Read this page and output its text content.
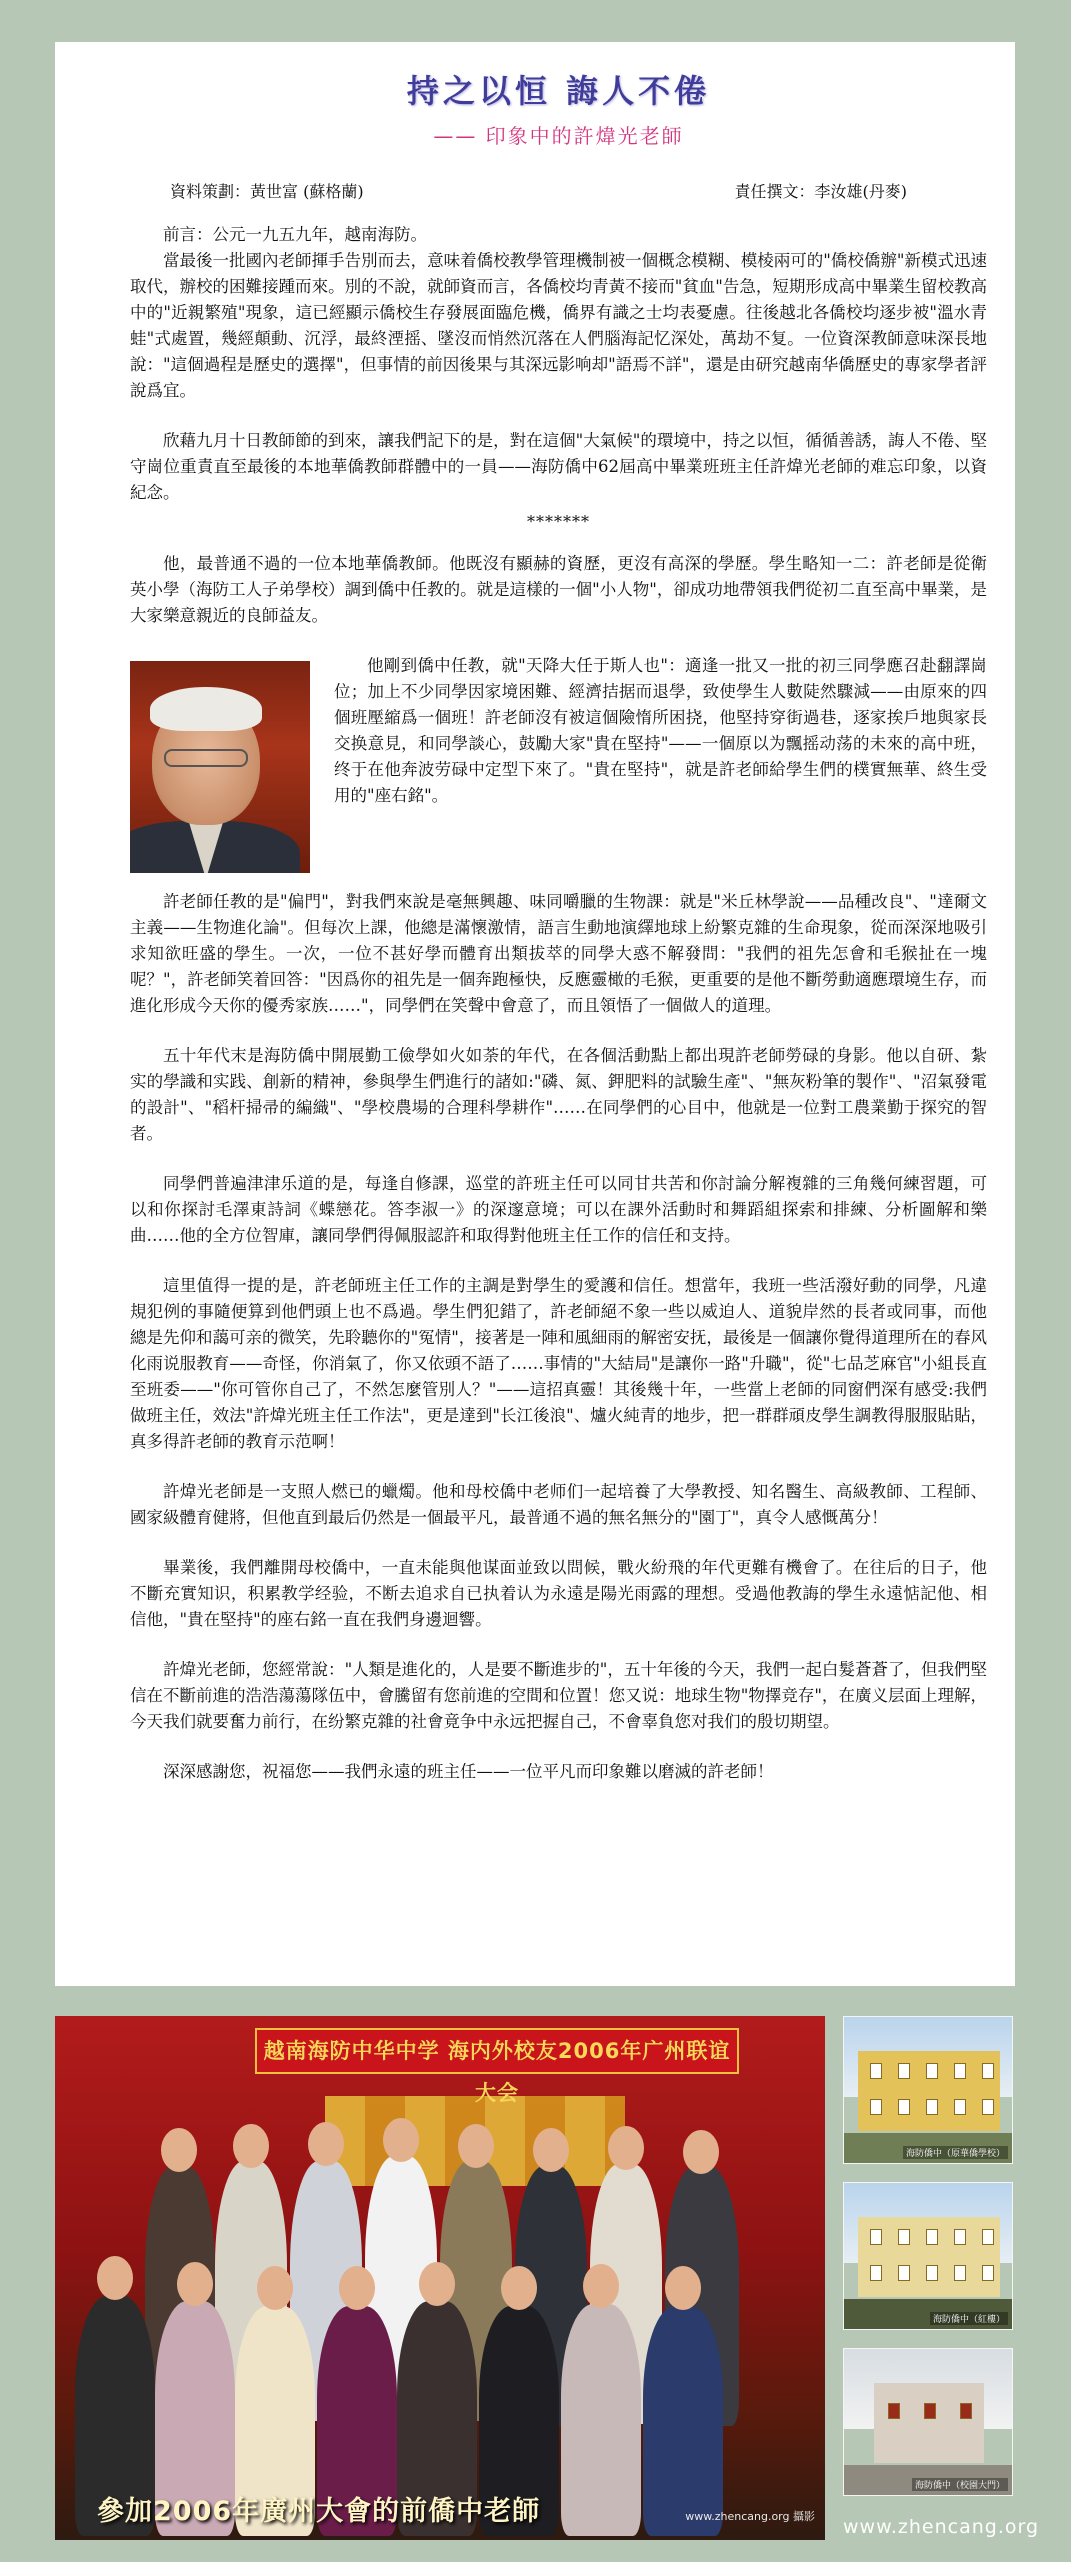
持之以恒 誨人不倦
—— 印象中的許煒光老師
資料策劃：黃世富 (蘇格蘭)	責任撰文：李汝雄(丹麥)

前言：公元一九五九年，越南海防。

當最後一批國內老師揮手告別而去，意味着僑校教學管理機制被一個概念模糊、模棱兩可的"僑校僑辦"新模式迅速取代，辦校的困難接踵而來。別的不說，就師資而言，各僑校均青黃不接而"貧血"告急，短期形成高中畢業生留校教高中的"近親繁殖"現象，這已經顯示僑校生存發展面臨危機，僑界有識之士均表憂慮。往後越北各僑校均逐步被"溫水青蛙"式處置，幾經顛動、沉浮，最終湮摇、墜沒而悄然沉落在人們腦海記忆深处，萬劫不复。一位資深教師意味深長地說："這個過程是歷史的選擇"，但事情的前因後果与其深远影响却"語焉不詳"，還是由研究越南华僑歷史的專家學者評說爲宜。

欣藉九月十日教師節的到來，讓我們記下的是，對在這個"大氣候"的環境中，持之以恒，循循善誘，誨人不倦、堅守崗位重責直至最後的本地華僑教師群體中的一員——海防僑中62屆高中畢業班班主任許煒光老師的难忘印象，以資紀念。

*******

他，最普通不過的一位本地華僑教師。他既沒有顯赫的資歷，更沒有高深的學歷。學生略知一二：許老師是從衛英小學（海防工人子弟學校）調到僑中任教的。就是這樣的一個"小人物"，卻成功地帶領我們從初二直至高中畢業，是大家樂意親近的良師益友。

他剛到僑中任教，就"天降大任于斯人也"：適逢一批又一批的初三同學應召赴翻譯崗位；加上不少同學因家境困難、經濟拮据而退學，致使學生人數陡然驟減——由原來的四個班壓縮爲一個班！許老師沒有被這個險惰所困挠，他堅持穿街過巷，逐家挨戶地與家長交换意見，和同學談心，鼓勵大家"貴在堅持"——一個原以为飄摇动荡的未來的高中班，终于在他奔波劳碌中定型下來了。"貴在堅持"，就是許老師給學生們的樸實無華、終生受用的"座右銘"。

許老師任教的是"偏門"，對我們來說是毫無興趣、味同嚼臘的生物課：就是"米丘林學說——品種改良"、"達爾文主義——生物進化論"。但每次上課，他總是滿懷激情，語言生動地演繹地球上紛繁克雜的生命現象，從而深深地吸引求知欲旺盛的學生。一次，一位不甚好學而體育出類拔萃的同學大惑不解發問："我們的祖先怎會和毛猴扯在一塊呢？"，許老師笑着回答："因爲你的祖先是一個奔跑極快，反應靈橄的毛猴，更重要的是他不斷勞動適應環境生存，而進化形成今天你的優秀家族……"，同學們在笑聲中會意了，而且領悟了一個做人的道理。

五十年代末是海防僑中開展勤工儉學如火如荼的年代，在各個活動點上都出現許老師勞碌的身影。他以自研、紮实的學識和实践、創新的精神，參與學生們進行的諸如:"磷、氮、鉀肥料的試驗生產"、"無灰粉筆的製作"、"沼氣發電的設計"、"稻杆掃帚的編織"、"學校農場的合理科學耕作"……在同學們的心目中，他就是一位對工農業勤于探究的智者。

同學們普遍津津乐道的是，每逢自修課，巡堂的許班主任可以同甘共苦和你討論分解複雜的三角幾何練習題，可以和你探討毛澤東詩詞《蝶戀花。答李淑一》的深邃意境；可以在課外活動时和舞蹈組探索和排練、分析圖解和樂曲……他的全方位智庫，讓同學們得佩服認許和取得對他班主任工作的信任和支持。

這里值得一提的是，許老師班主任工作的主調是對學生的愛護和信任。想當年，我班一些活潑好動的同學，凡違規犯例的事隨便算到他們頭上也不爲過。學生們犯錯了，許老師絕不象一些以威迫人、道貌岸然的長者或同事，而他總是先仰和藹可亲的微笑，先聆聽你的"冤情"，接著是一陣和風細雨的解密安抚，最後是一個讓你覺得道理所在的春风化雨说服教育——奇怪，你消氣了，你又依頭不語了……事情的"大結局"是讓你一路"升職"，從"七品芝麻官"小組長直至班委——"你可管你自己了，不然怎麼管別人？"——這招真靈！其後幾十年，一些當上老師的同窗們深有感受:我們做班主任，效法"許煒光班主任工作法"，更是達到"长江後浪"、爐火純青的地步，把一群群頑皮學生調教得服服貼貼，真多得許老師的教育示范啊！

許煒光老師是一支照人燃已的蠟燭。他和母校僑中老师们一起培養了大學教授、知名醫生、高級教師、工程師、國家級體育健將，但他直到最后仍然是一個最平凡，最普通不過的無名無分的"園丁"，真令人感慨萬分！

畢業後，我們離開母校僑中，一直未能與他谋面並致以問候，戰火紛飛的年代更難有機會了。在往后的日子，他不斷充實知识，积累教学经验，不断去追求自已执着认为永遠是陽光雨露的理想。受過他教誨的學生永遠惦記他、相信他，"貴在堅持"的座右銘一直在我們身邊迴響。

許煒光老師，您經常說："人類是進化的，人是要不斷進步的"，五十年後的今天，我們一起白髮蒼蒼了，但我們堅信在不斷前進的浩浩蕩蕩隊伍中，會騰留有您前進的空間和位置！您又说：地球生物"物擇竞存"，在廣义层面上理解，今天我们就要奮力前行，在纷繁克雜的社會竟争中永远把握自己，不會辜負您对我们的殷切期望。

深深感謝您，祝福您——我們永遠的班主任——一位平凡而印象難以磨滅的許老師！

越南海防中华中学 海内外校友2006年广州联谊大会
參加2006年廣州大會的前僑中老師	www.zhencang.org 攝影
海防僑中（原華僑學校）
海防僑中（紅樓）
海防僑中（校園大門）
www.zhencang.org
